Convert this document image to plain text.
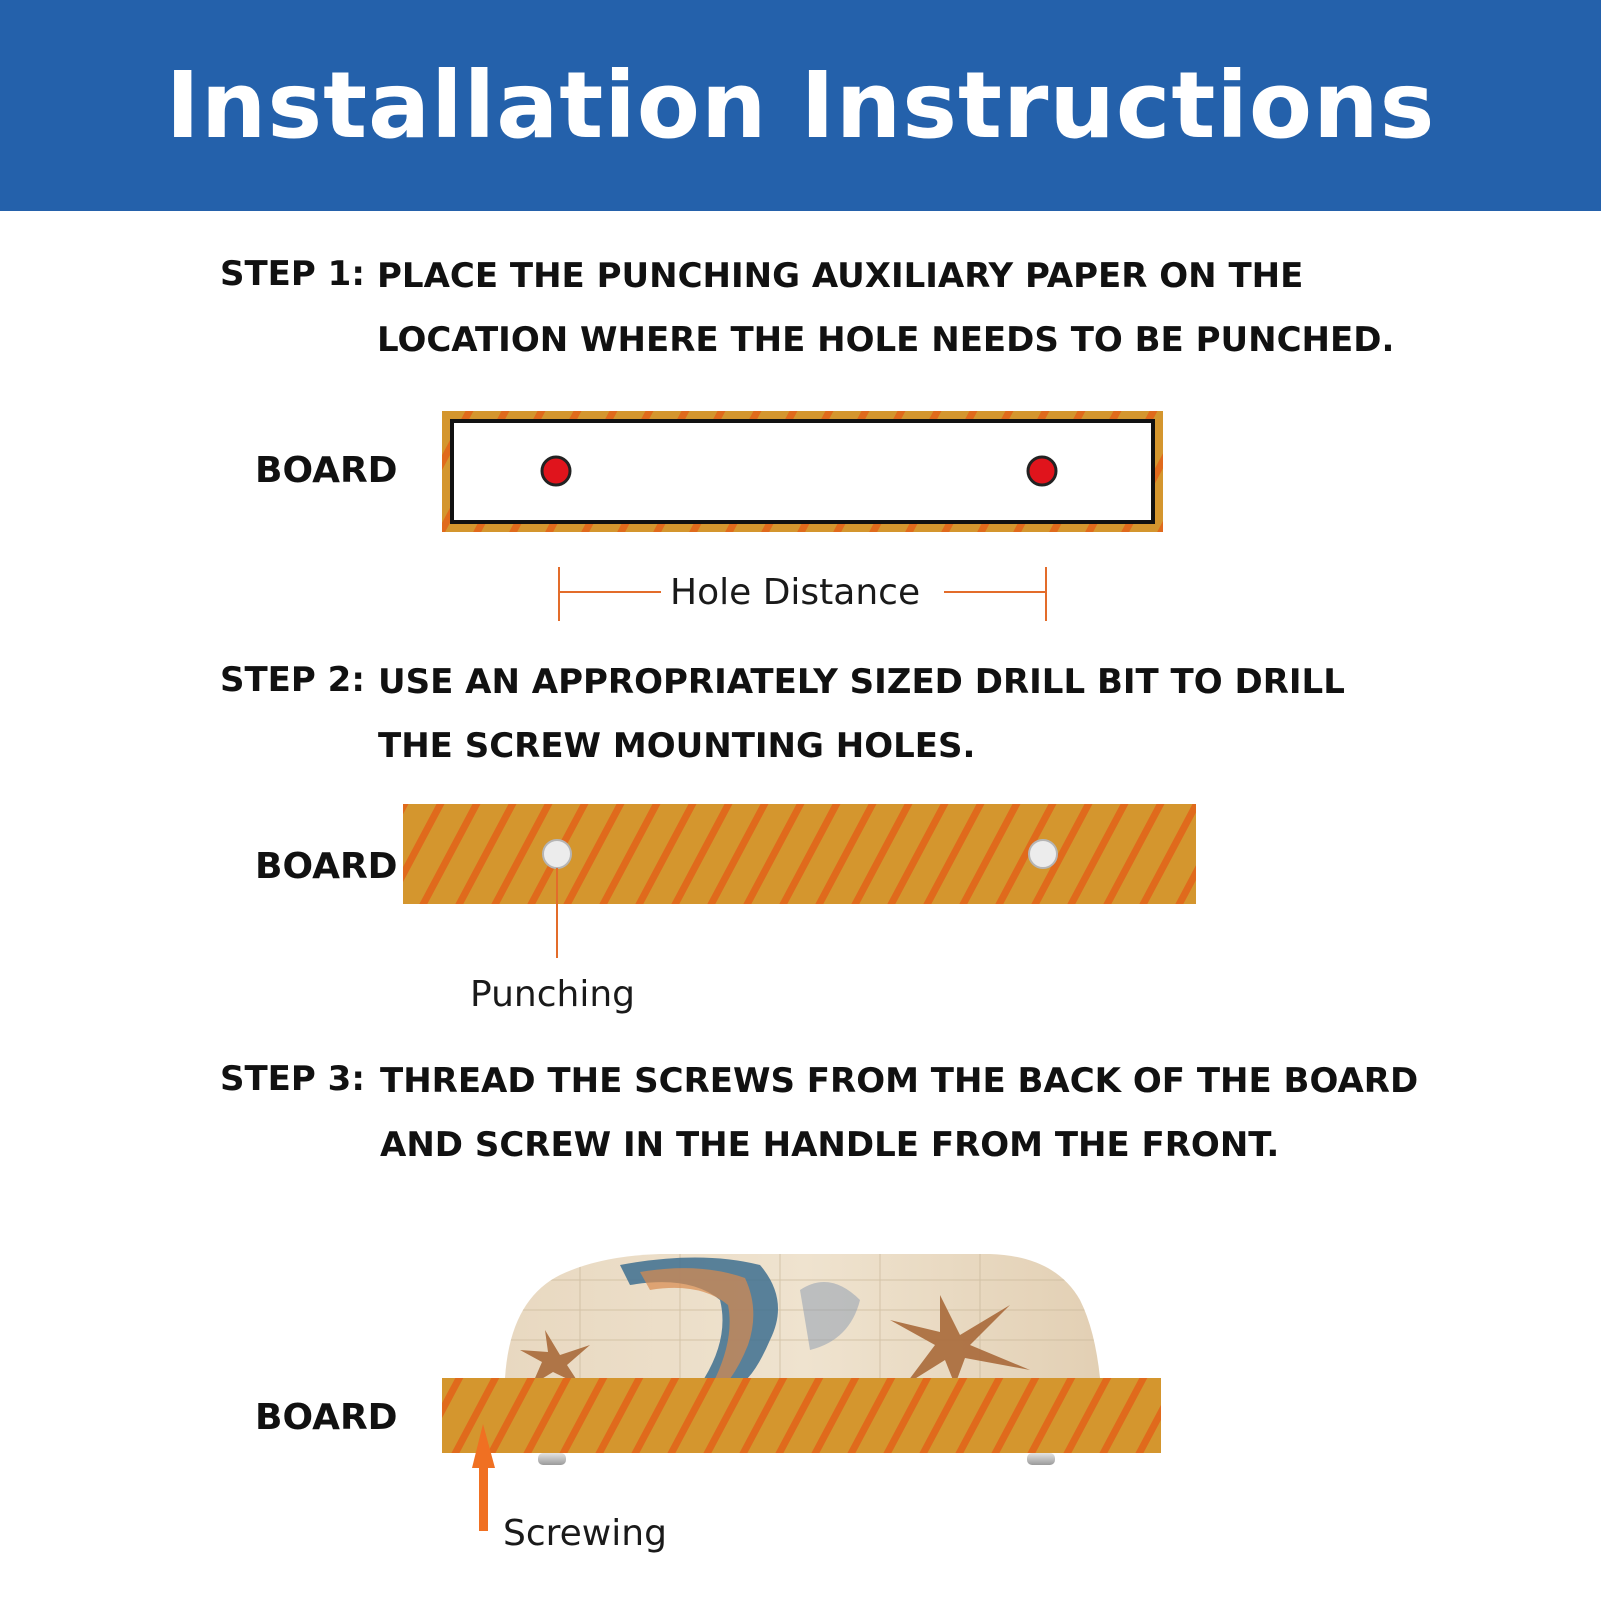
Installation Instructions
STEP 1: PLACE THE PUNCHING AUXILIARY PAPER ON THE
LOCATION WHERE THE HOLE NEEDS TO BE PUNCHED.
BOARD
STEP 2: USE AN APPROPRIATELY SIZED DRILL BIT TO DRILL
THE SCREW MOUNTING HOLES.
BOARD
STEP 3: THREAD THE SCREWS FROM THE BACK OF THE BOARD
AND SCREW IN THE HANDLE FROM THE FRONT.
BOARD
Hole Distance
Punching
Screwing
